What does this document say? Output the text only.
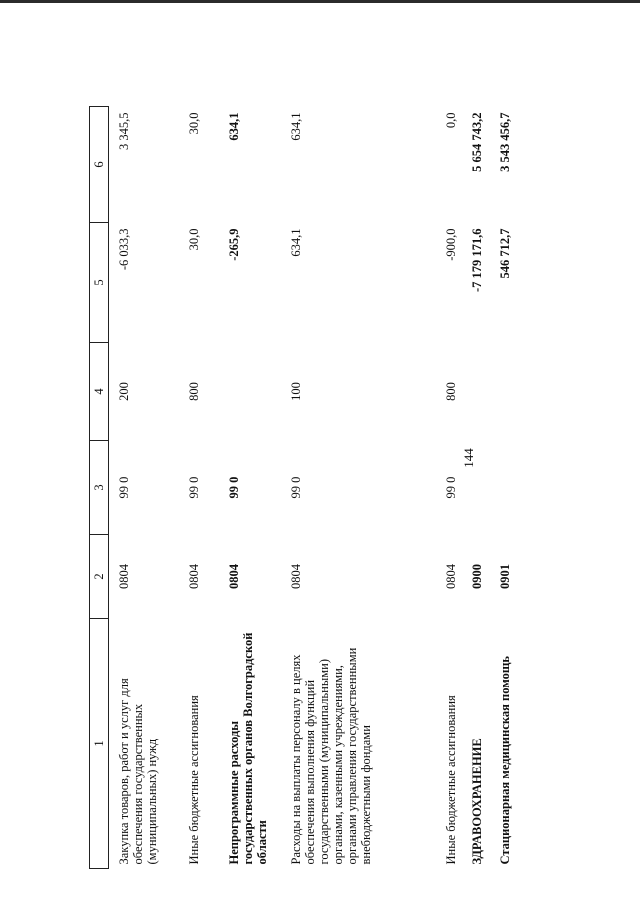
144
1	2	3	4	5	6
Закупка товаров, работ и услуг для обеспечения государственных (муниципальных) нужд	0804	99 0	200	-6 033,3	3 345,5
Иные бюджетные ассигнования	0804	99 0	800	30,0	30,0
Непрограммные расходы государственных органов Волгоградской области	0804	99 0		-265,9	634,1
Расходы на выплаты персоналу в целях обеспечения выполнения функций государственными (муниципальными) органами, казенными учреждениями, органами управления государственными внебюджетными фондами	0804	99 0	100	634,1	634,1
Иные бюджетные ассигнования	0804	99 0	800	-900,0	0,0
ЗДРАВООХРАНЕНИЕ	0900			-7 179 171,6	5 654 743,2
Стационарная медицинская помощь	0901			546 712,7	3 543 456,7
